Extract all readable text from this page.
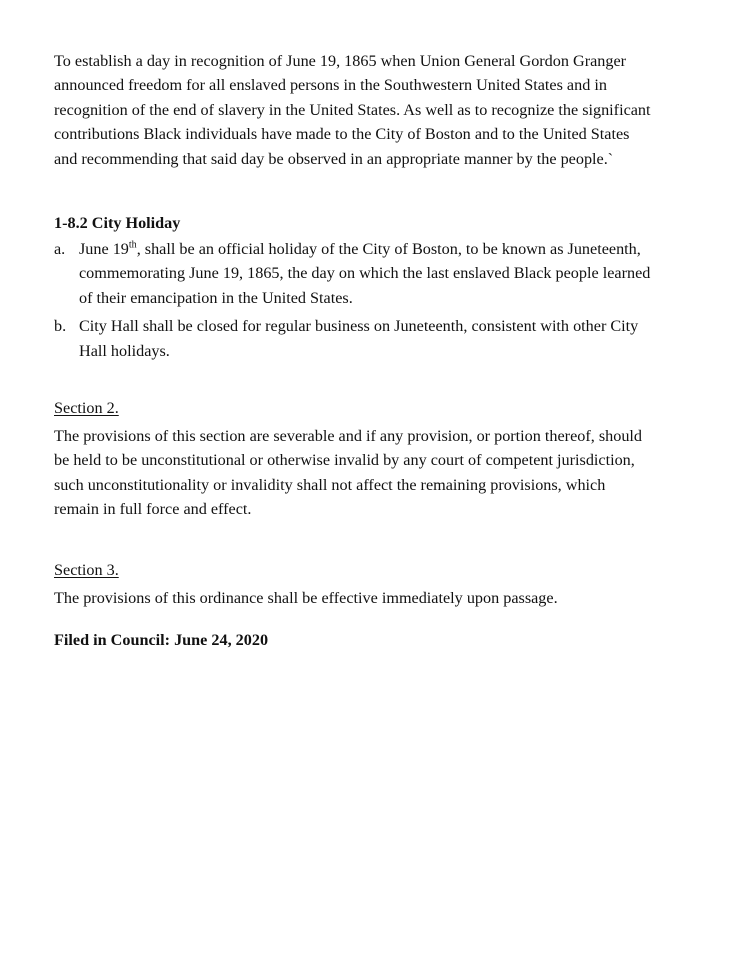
To establish a day in recognition of June 19, 1865 when Union General Gordon Granger announced freedom for all enslaved persons in the Southwestern United States and in recognition of the end of slavery in the United States. As well as to recognize the significant contributions Black individuals have made to the City of Boston and to the United States and recommending that said day be observed in an appropriate manner by the people.`

1-8.2 City Holiday

a. June 19th, shall be an official holiday of the City of Boston, to be known as Juneteenth, commemorating June 19, 1865, the day on which the last enslaved Black people learned of their emancipation in the United States.
b. City Hall shall be closed for regular business on Juneteenth, consistent with other City Hall holidays.

Section 2.

The provisions of this section are severable and if any provision, or portion thereof, should be held to be unconstitutional or otherwise invalid by any court of competent jurisdiction, such unconstitutionality or invalidity shall not affect the remaining provisions, which remain in full force and effect.

Section 3.

The provisions of this ordinance shall be effective immediately upon passage.

Filed in Council: June 24, 2020
